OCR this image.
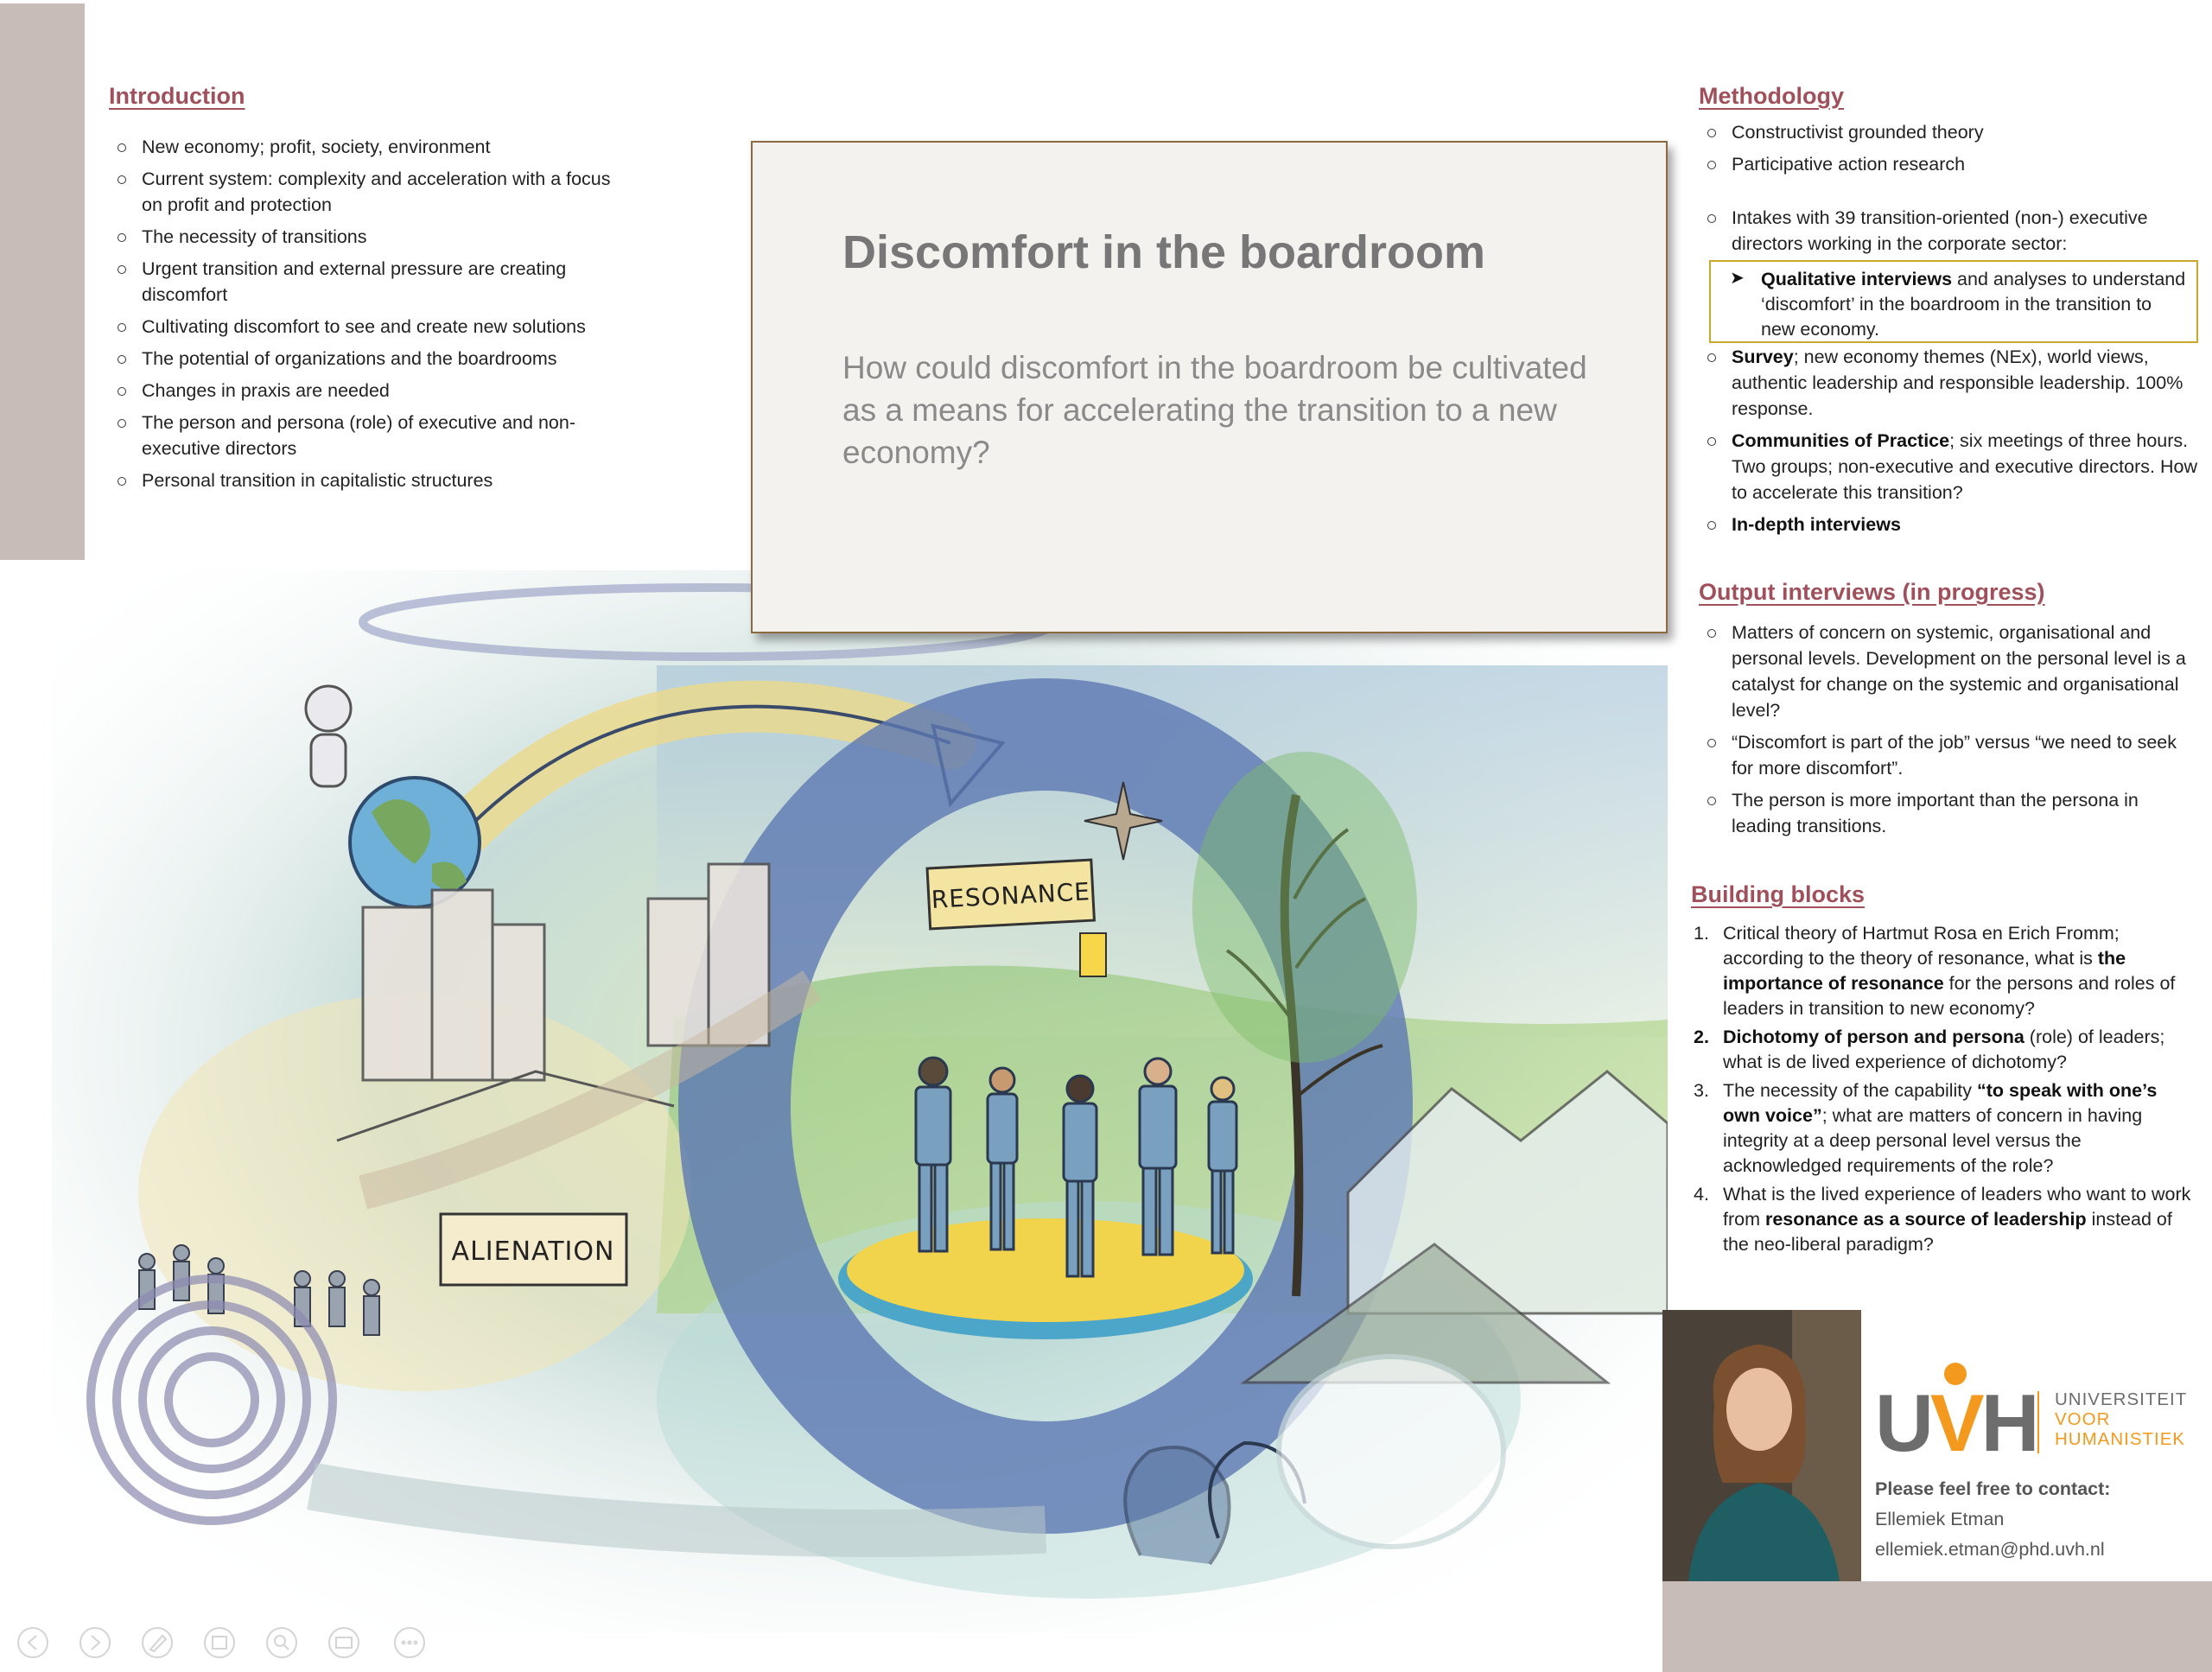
RESONANCE
ALIENATION
Introduction
New economy; profit, society, environment
Current system: complexity and acceleration with a focus on profit and protection
The necessity of transitions
Urgent transition and external pressure are creating discomfort
Cultivating discomfort to see and create new solutions
The potential of organizations and the boardrooms
Changes in praxis are needed
The person and persona (role) of executive and non-executive directors
Personal transition in capitalistic structures
Discomfort in the boardroom

How could discomfort in the boardroom be cultivated as a means for accelerating the transition to a new economy?

Methodology
Constructivist grounded theory
Participative action research
Intakes with 39 transition-oriented (non-) executive directors working in the corporate sector:
➤ Qualitative interviews and analyses to understand ‘discomfort’ in the boardroom in the transition to new economy.
Survey; new economy themes (NEx), world views, authentic leadership and responsible leadership. 100% response.
Communities of Practice; six meetings of three hours. Two groups; non-executive and executive directors. How to accelerate this transition?
In-depth interviews
Output interviews (in progress)
Matters of concern on systemic, organisational and personal levels. Development on the personal level is a catalyst for change on the systemic and organisational level?
“Discomfort is part of the job” versus “we need to seek for more discomfort”.
The person is more important than the persona in leading transitions.
Building blocks
1. Critical theory of Hartmut Rosa en Erich Fromm; according to the theory of resonance, what is the importance of resonance for the persons and roles of leaders in transition to new economy?
2. Dichotomy of person and persona (role) of leaders; what is de lived experience of dichotomy?
3. The necessity of the capability “to speak with one’s own voice”; what are matters of concern in having integrity at a deep personal level versus the acknowledged requirements of the role?
4. What is the lived experience of leaders who want to work from resonance as a source of leadership instead of the neo-liberal paradigm?
UVH UNIVERSITEIT
VOOR
HUMANISTIEK
Please feel free to contact:
Ellemiek Etman
ellemiek.etman@phd.uvh.nl
